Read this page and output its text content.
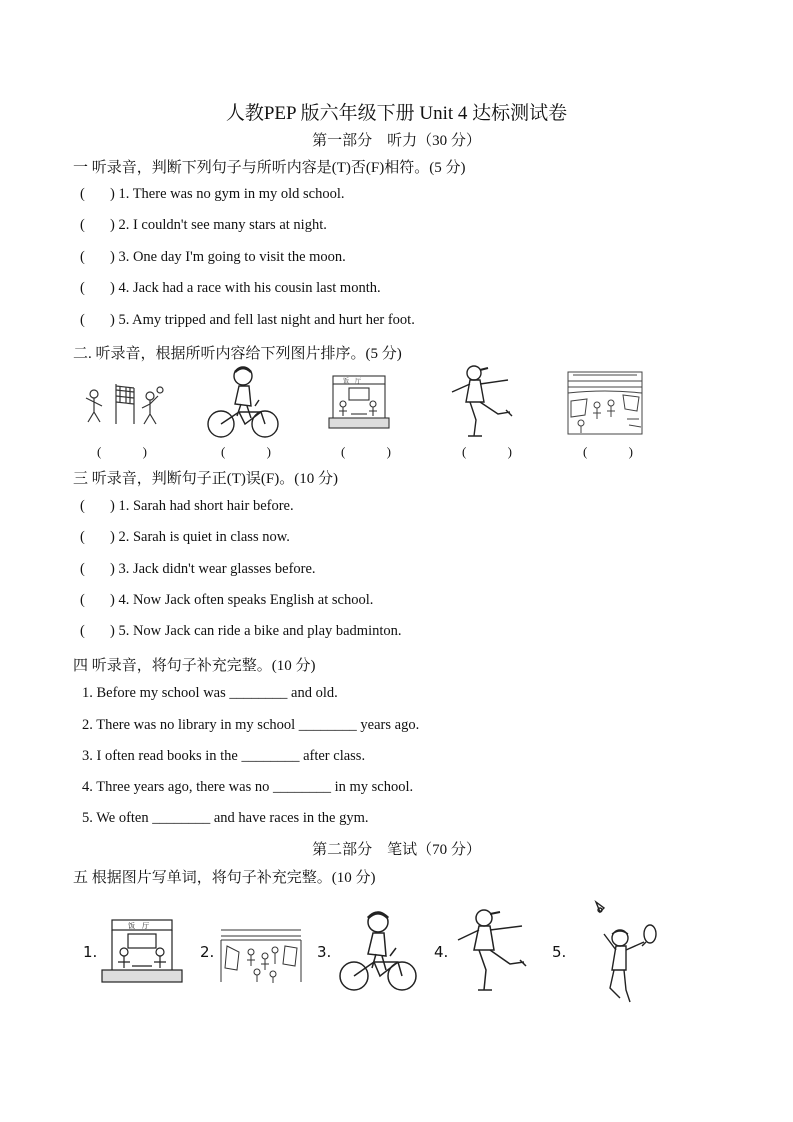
人教PEP 版六年级下册 Unit 4 达标测试卷
第一部分　听力（30 分）
一 听录音，判断下列句子与所听内容是(T)否(F)相符。(5 分)
() 1. There was no gym in my old school.
() 2. I couldn't see many stars at night.
() 3. One day I'm going to visit the moon.
() 4. Jack had a race with his cousin last month.
() 5. Amy tripped and fell last night and hurt her foot.
二. 听录音，根据所听内容给下列图片排序。(5 分)
饭　厅
(	)	(	)	(	)	(	)	(	)
三 听录音，判断句子正(T)误(F)。(10 分)
() 1. Sarah had short hair before.
() 2. Sarah is quiet in class now.
() 3. Jack didn't wear glasses before.
() 4. Now Jack often speaks English at school.
() 5. Now Jack can ride a bike and play badminton.
四 听录音，将句子补充完整。(10 分)
1. Before my school was ________ and old.
2. There was no library in my school ________ years ago.
3. I often read books in the ________ after class.
4. Three years ago, there was no ________ in my school.
5. We often ________ and have races in the gym.
第二部分　笔试（70 分）
五 根据图片写单词，将句子补充完整。(10 分)
1.
饭　厅
2.	3.	4.	5.
